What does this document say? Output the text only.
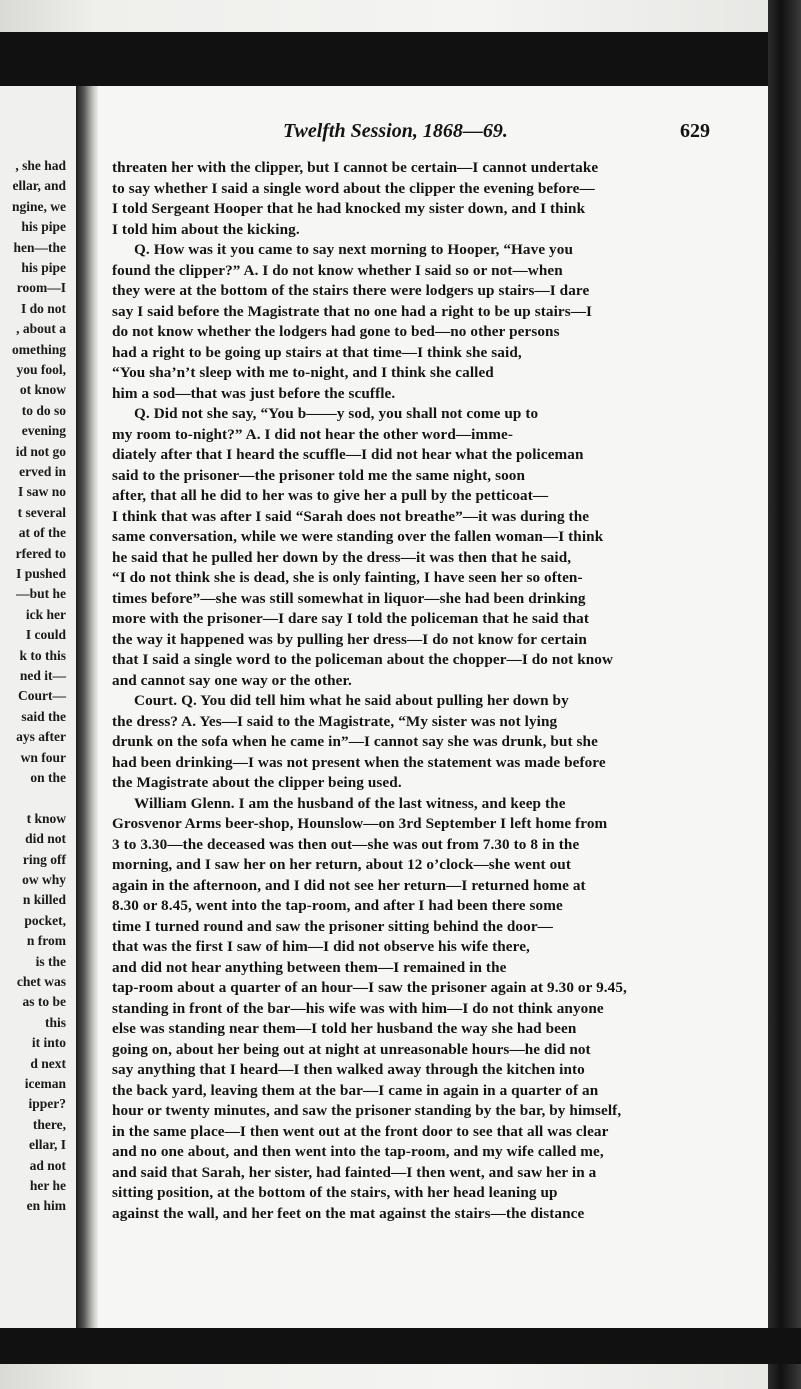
, she had
ellar, and
ngine, we
his pipe
hen—the
his pipe
room—I
I do not
, about a
omething
you fool,
ot know
to do so
evening
id not go
erved in
I saw no
t several
at of the
rfered to
I pushed
—but he
ick her
I could
k to this
ned it—
Court—
said the
ays after
wn four
on the
t know
did not
ring off
ow why
n killed
pocket,
n from
is the
chet was
as to be
this
it into
d next
iceman
ipper?
there,
ellar, I
ad not
her he
en him
Twelfth Session, 1868—69.	629
threaten her with the clipper, but I cannot be certain—I cannot undertake
to say whether I said a single word about the clipper the evening before—
I told Sergeant Hooper that he had knocked my sister down, and I think
I told him about the kicking.
Q. How was it you came to say next morning to Hooper, “Have you
found the clipper?” A. I do not know whether I said so or not—when
they were at the bottom of the stairs there were lodgers up stairs—I dare
say I said before the Magistrate that no one had a right to be up stairs—I
do not know whether the lodgers had gone to bed—no other persons
had a right to be going up stairs at that time—I think she said,
“You sha’n’t sleep with me to-night, and I think she called
him a sod—that was just before the scuffle.
Q. Did not she say, “You b——y sod, you shall not come up to
my room to-night?” A. I did not hear the other word—imme-
diately after that I heard the scuffle—I did not hear what the policeman
said to the prisoner—the prisoner told me the same night, soon
after, that all he did to her was to give her a pull by the petticoat—
I think that was after I said “Sarah does not breathe”—it was during the
same conversation, while we were standing over the fallen woman—I think
he said that he pulled her down by the dress—it was then that he said,
“I do not think she is dead, she is only fainting, I have seen her so often-
times before”—she was still somewhat in liquor—she had been drinking
more with the prisoner—I dare say I told the policeman that he said that
the way it happened was by pulling her dress—I do not know for certain
that I said a single word to the policeman about the chopper—I do not know
and cannot say one way or the other.
Court. Q. You did tell him what he said about pulling her down by
the dress? A. Yes—I said to the Magistrate, “My sister was not lying
drunk on the sofa when he came in”—I cannot say she was drunk, but she
had been drinking—I was not present when the statement was made before
the Magistrate about the clipper being used.
William Glenn. I am the husband of the last witness, and keep the
Grosvenor Arms beer-shop, Hounslow—on 3rd September I left home from
3 to 3.30—the deceased was then out—she was out from 7.30 to 8 in the
morning, and I saw her on her return, about 12 o’clock—she went out
again in the afternoon, and I did not see her return—I returned home at
8.30 or 8.45, went into the tap-room, and after I had been there some
time I turned round and saw the prisoner sitting behind the door—
that was the first I saw of him—I did not observe his wife there,
and did not hear anything between them—I remained in the
tap-room about a quarter of an hour—I saw the prisoner again at 9.30 or 9.45,
standing in front of the bar—his wife was with him—I do not think anyone
else was standing near them—I told her husband the way she had been
going on, about her being out at night at unreasonable hours—he did not
say anything that I heard—I then walked away through the kitchen into
the back yard, leaving them at the bar—I came in again in a quarter of an
hour or twenty minutes, and saw the prisoner standing by the bar, by himself,
in the same place—I then went out at the front door to see that all was clear
and no one about, and then went into the tap-room, and my wife called me,
and said that Sarah, her sister, had fainted—I then went, and saw her in a
sitting position, at the bottom of the stairs, with her head leaning up
against the wall, and her feet on the mat against the stairs—the distance
